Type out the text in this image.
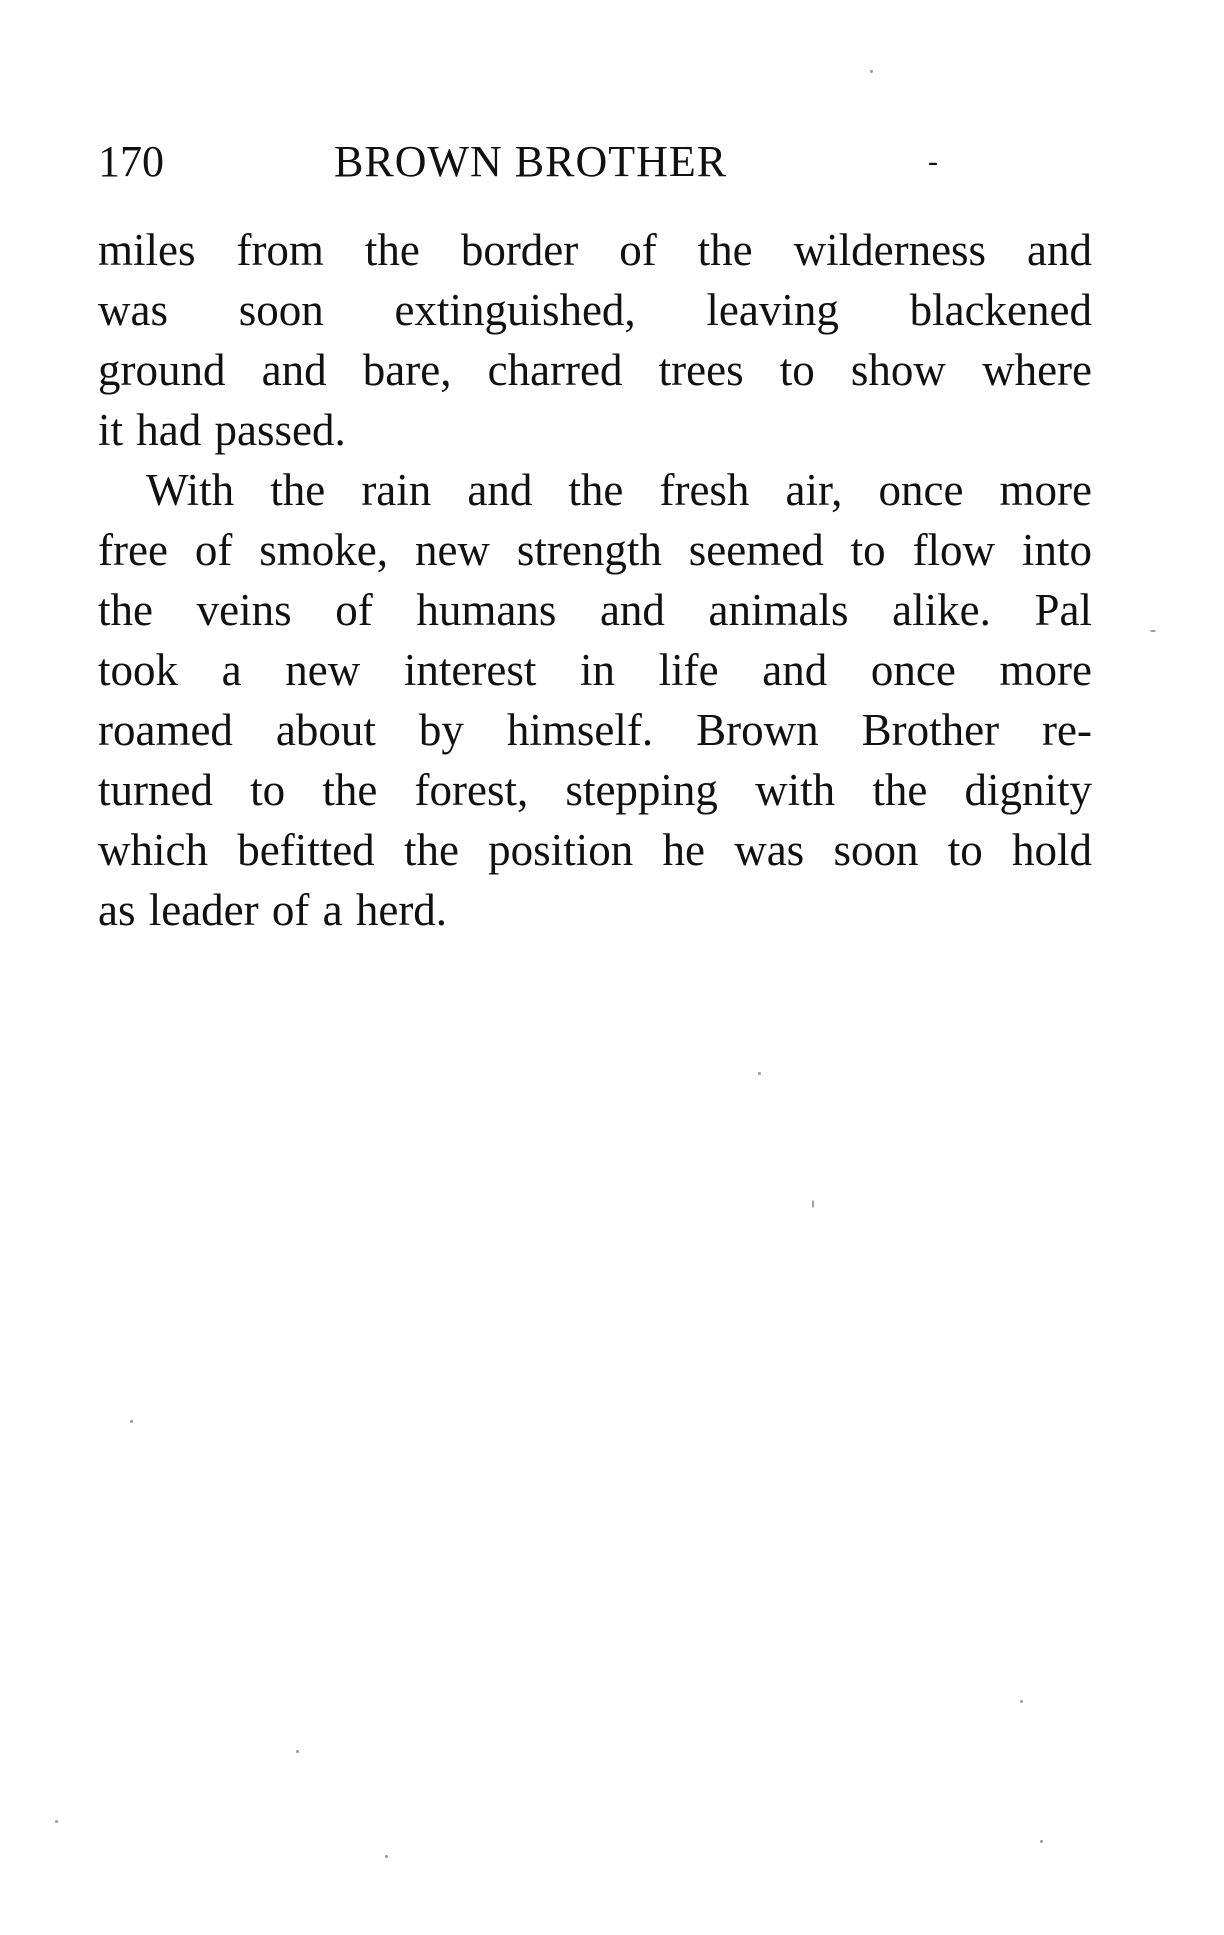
170	BROWN BROTHER	-

miles from the border of the wilderness and
was soon extinguished, leaving blackened
ground and bare, charred trees to show where
it had passed.

With the rain and the fresh air, once more
free of smoke, new strength seemed to flow into
the veins of humans and animals alike. Pal
took a new interest in life and once more
roamed about by himself. Brown Brother re-
turned to the forest, stepping with the dignity
which befitted the position he was soon to hold
as leader of a herd.
